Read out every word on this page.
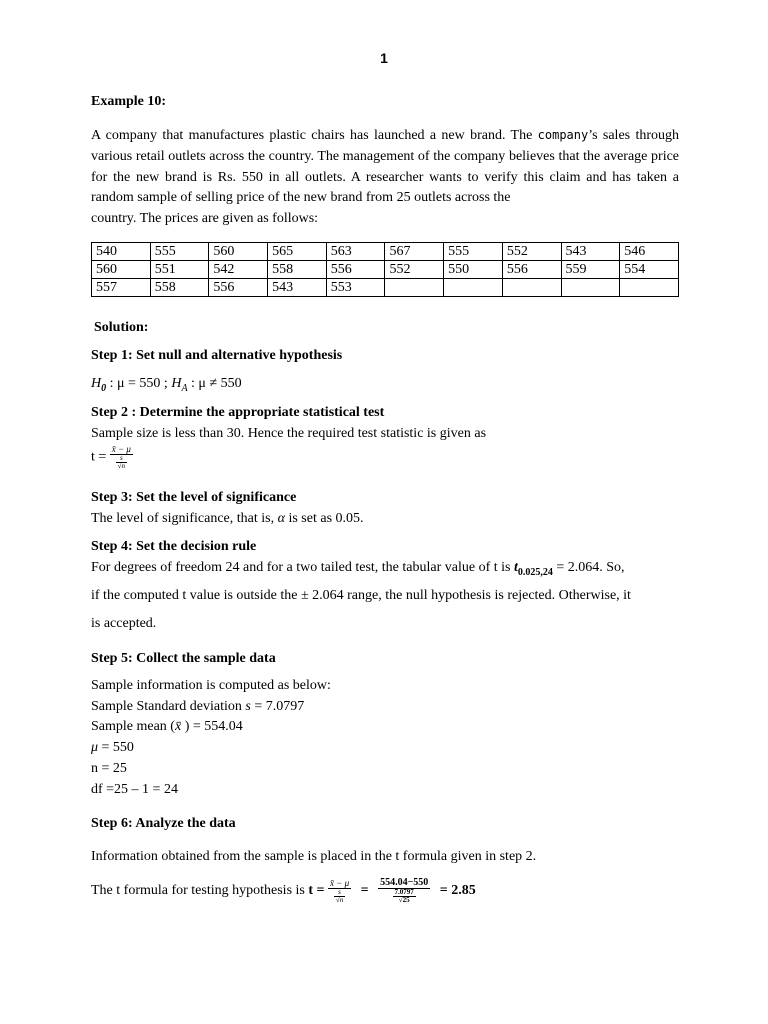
1
Example 10:
A company that manufactures plastic chairs has launched a new brand. The company’s sales through various retail outlets across the country. The management of the company believes that the average price for the new brand is Rs. 550 in all outlets. A researcher wants to verify this claim and has taken a random sample of selling price of the new brand from 25 outlets across the
country. The prices are given as follows:
540	555	560	565	563	567	555	552	543	546
560	551	542	558	556	552	550	556	559	554
557	558	556	543	553					
Solution:
Step 1: Set null and alternative hypothesis
$H_0$ : μ = 550 ; $H_A$ : μ ≠ 550
Step 2 : Determine the appropriate statistical test
Sample size is less than 30. Hence the required test statistic is given as
$t = \frac{x̄ - \mu}{\frac{s}{√n}}$
Step 3: Set the level of significance
The level of significance, that is, α is set as 0.05.
Step 4: Set the decision rule
For degrees of freedom 24 and for a two tailed test, the tabular value of t is $t_{0.025,24} = 2.064$. So,
if the computed t value is outside the ± 2.064 range, the null hypothesis is rejected. Otherwise, it
is accepted.
Step 5: Collect the sample data
Sample information is computed as below:
Sample Standard deviation s = 7.0797
Sample mean (x̄ ) = 554.04
μ = 550
n = 25
df =25 – 1 = 24
Step 6: Analyze the data
Information obtained from the sample is placed in the t formula given in step 2.
The t formula for testing hypothesis is $t = \frac{x̄ - \mu}{\frac{s}{√n}} = \frac{554.04-550}{\frac{7.0797}{√25}} = 2.85$
